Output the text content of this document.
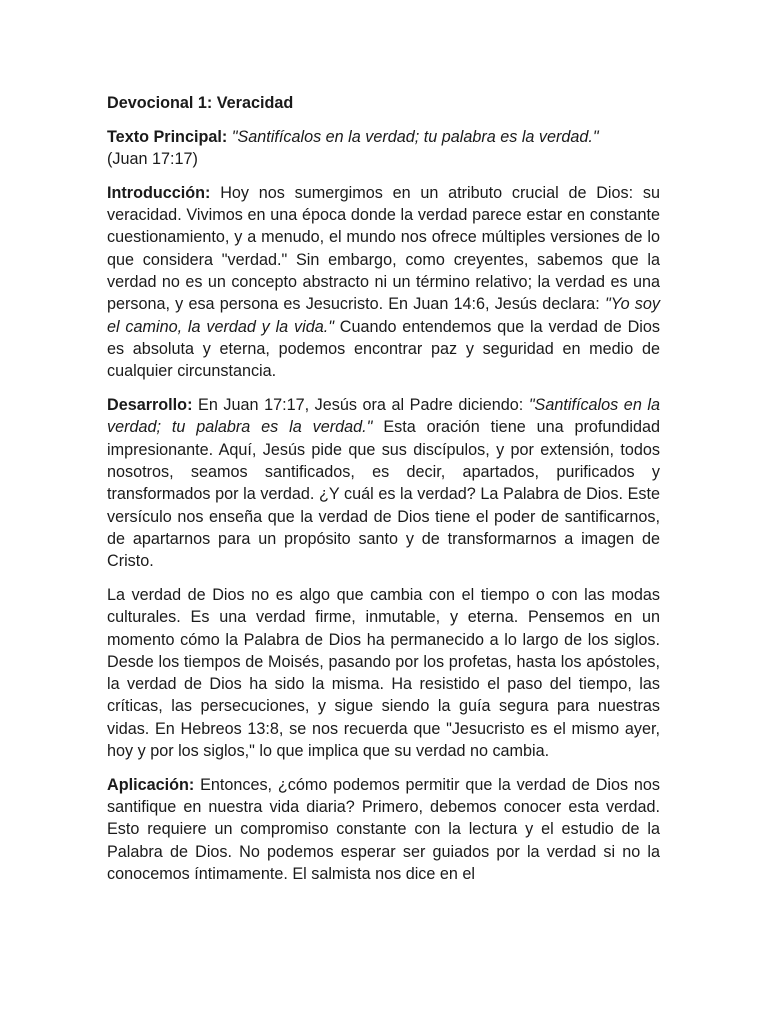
Devocional 1: Veracidad

Texto Principal: "Santifícalos en la verdad; tu palabra es la verdad."
(Juan 17:17)

Introducción: Hoy nos sumergimos en un atributo crucial de Dios: su veracidad. Vivimos en una época donde la verdad parece estar en constante cuestionamiento, y a menudo, el mundo nos ofrece múltiples versiones de lo que considera "verdad." Sin embargo, como creyentes, sabemos que la verdad no es un concepto abstracto ni un término relativo; la verdad es una persona, y esa persona es Jesucristo. En Juan 14:6, Jesús declara: "Yo soy el camino, la verdad y la vida." Cuando entendemos que la verdad de Dios es absoluta y eterna, podemos encontrar paz y seguridad en medio de cualquier circunstancia.

Desarrollo: En Juan 17:17, Jesús ora al Padre diciendo: "Santifícalos en la verdad; tu palabra es la verdad." Esta oración tiene una profundidad impresionante. Aquí, Jesús pide que sus discípulos, y por extensión, todos nosotros, seamos santificados, es decir, apartados, purificados y transformados por la verdad. ¿Y cuál es la verdad? La Palabra de Dios. Este versículo nos enseña que la verdad de Dios tiene el poder de santificarnos, de apartarnos para un propósito santo y de transformarnos a imagen de Cristo.

La verdad de Dios no es algo que cambia con el tiempo o con las modas culturales. Es una verdad firme, inmutable, y eterna. Pensemos en un momento cómo la Palabra de Dios ha permanecido a lo largo de los siglos. Desde los tiempos de Moisés, pasando por los profetas, hasta los apóstoles, la verdad de Dios ha sido la misma. Ha resistido el paso del tiempo, las críticas, las persecuciones, y sigue siendo la guía segura para nuestras vidas. En Hebreos 13:8, se nos recuerda que "Jesucristo es el mismo ayer, hoy y por los siglos," lo que implica que su verdad no cambia.

Aplicación: Entonces, ¿cómo podemos permitir que la verdad de Dios nos santifique en nuestra vida diaria? Primero, debemos conocer esta verdad. Esto requiere un compromiso constante con la lectura y el estudio de la Palabra de Dios. No podemos esperar ser guiados por la verdad si no la conocemos íntimamente. El salmista nos dice en el
